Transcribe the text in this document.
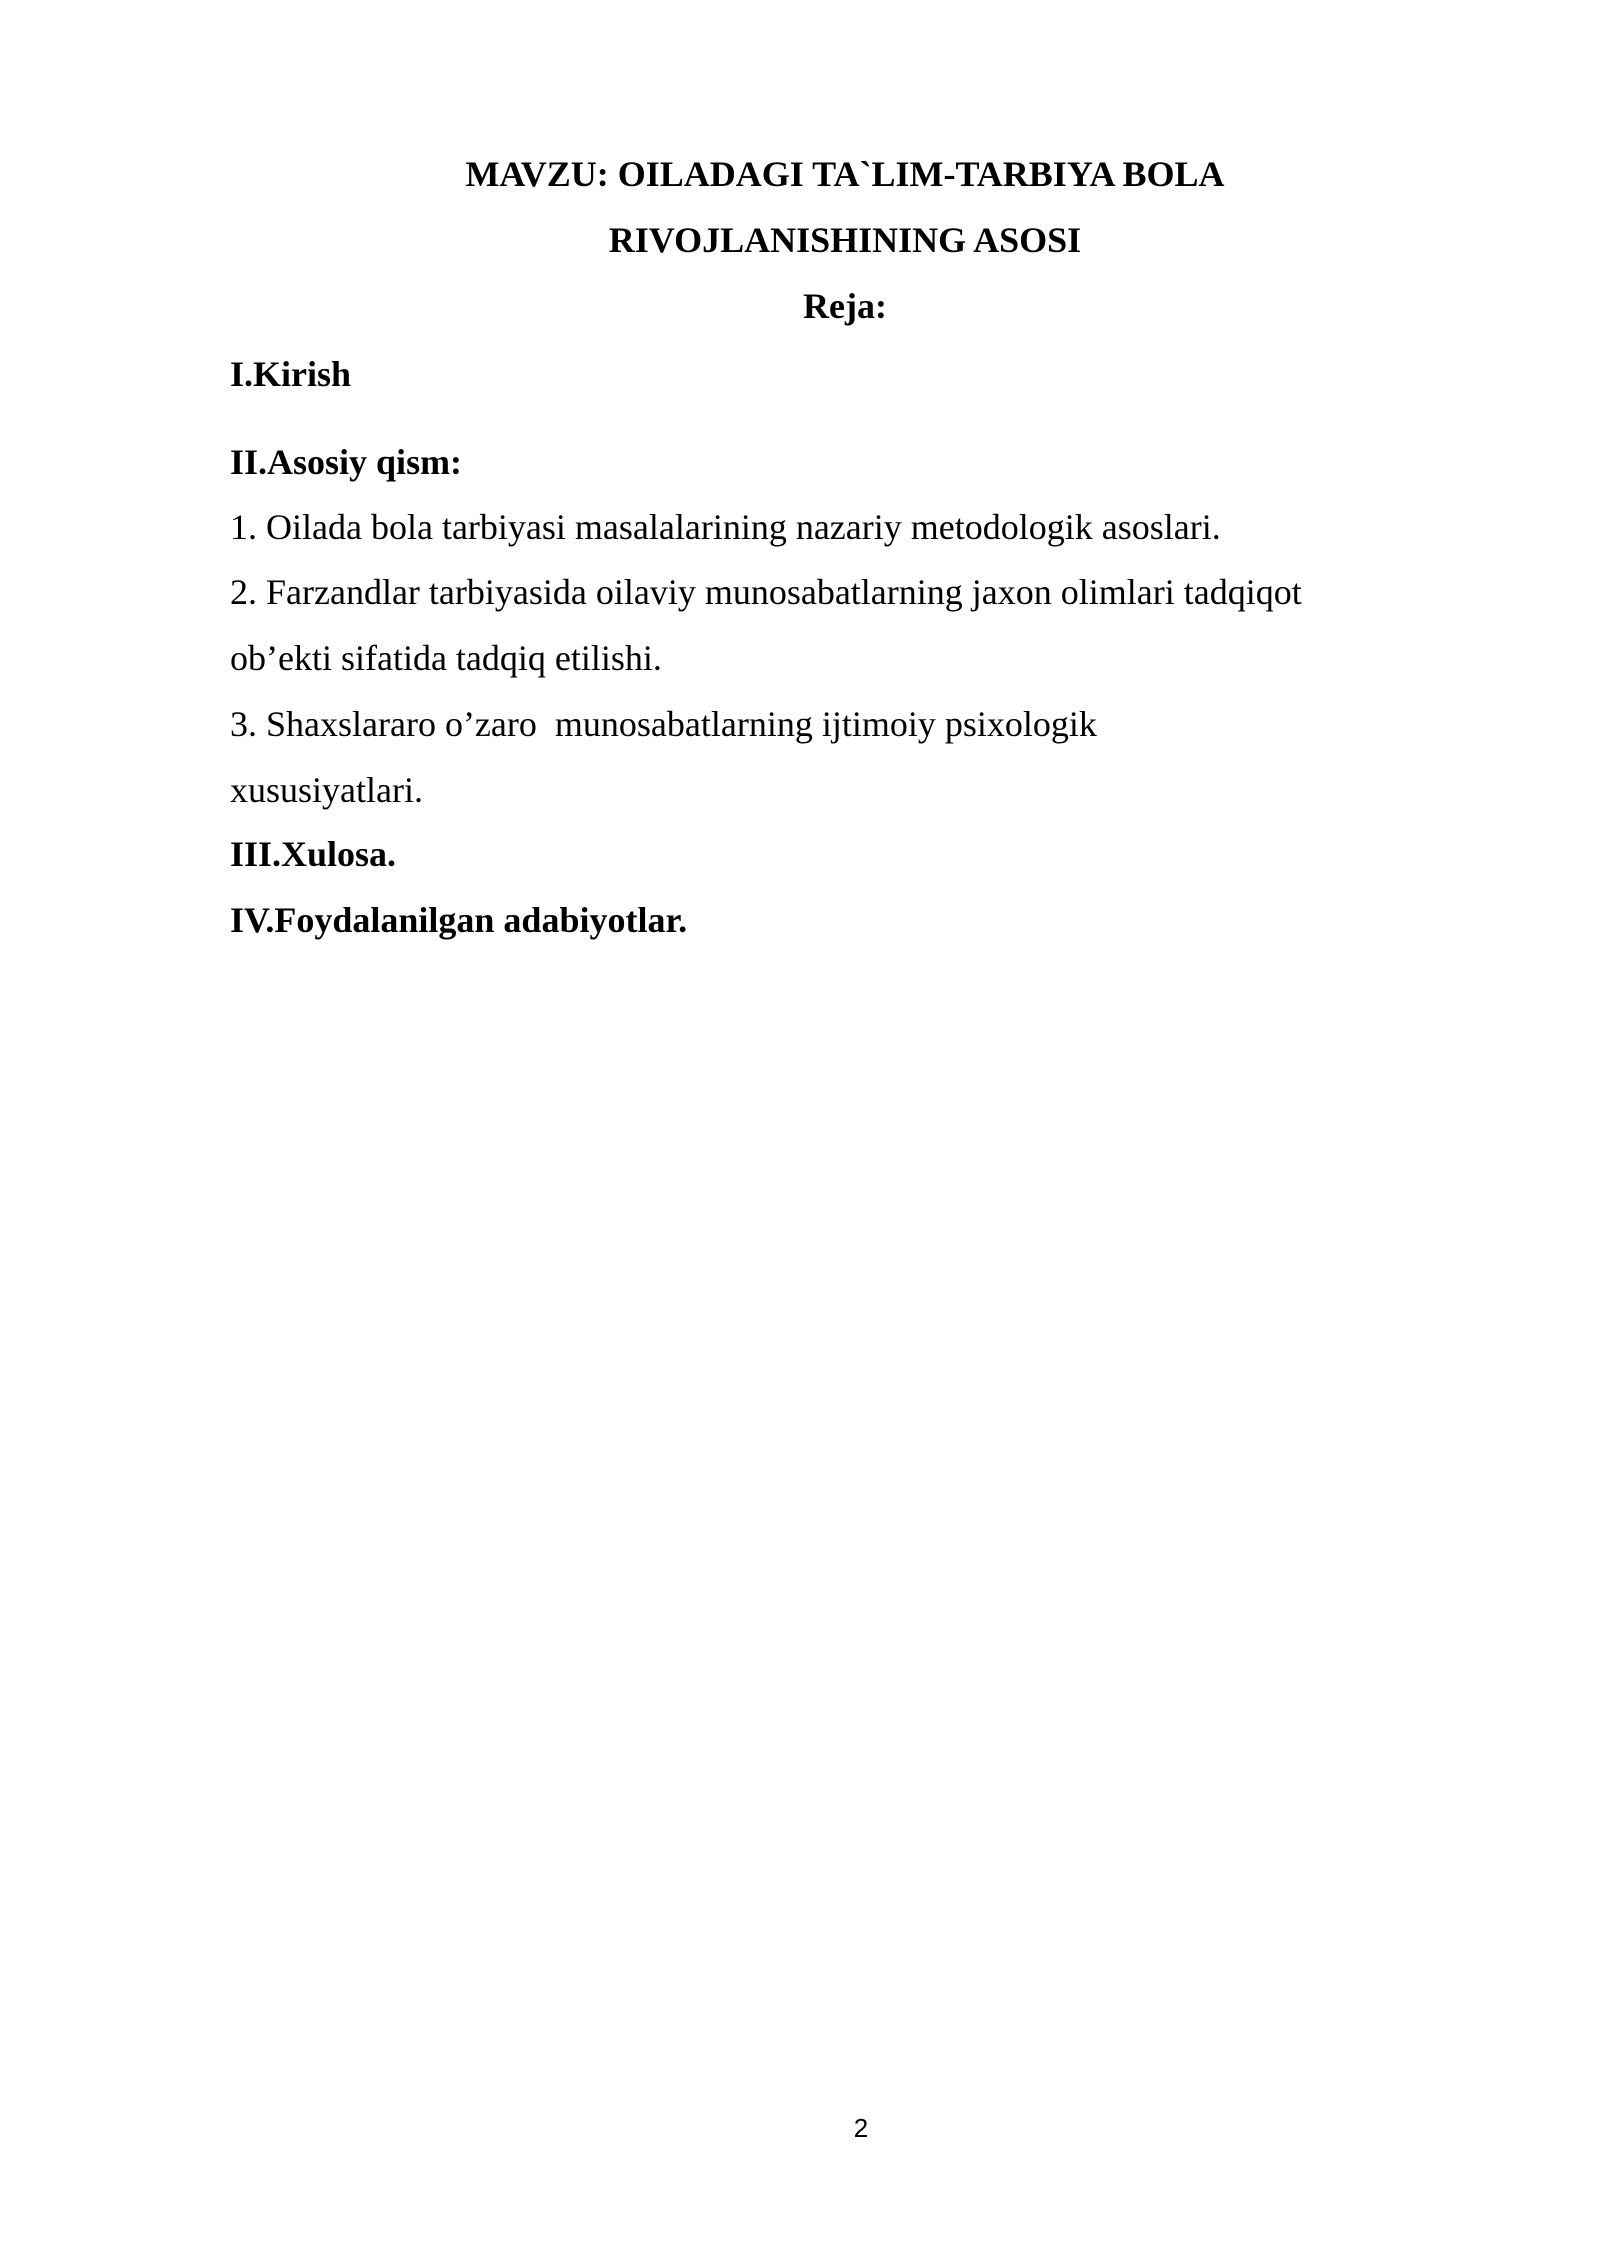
MAVZU: OILADAGI TA`LIM-TARBIYA BOLA
RIVOJLANISHINING ASOSI
Reja:
I.Kirish
II.Asosiy qism:
1. Oilada bola tarbiyasi masalalarining nazariy metodologik asoslari.
2. Farzandlar tarbiyasida oilaviy munosabatlarning jaxon olimlari tadqiqot
ob’ekti sifatida tadqiq etilishi.
3. Shaxslararo o’zaro  munosabatlarning ijtimoiy psixologik
xususiyatlari.
III.Xulosa.
IV.Foydalanilgan adabiyotlar.
2
